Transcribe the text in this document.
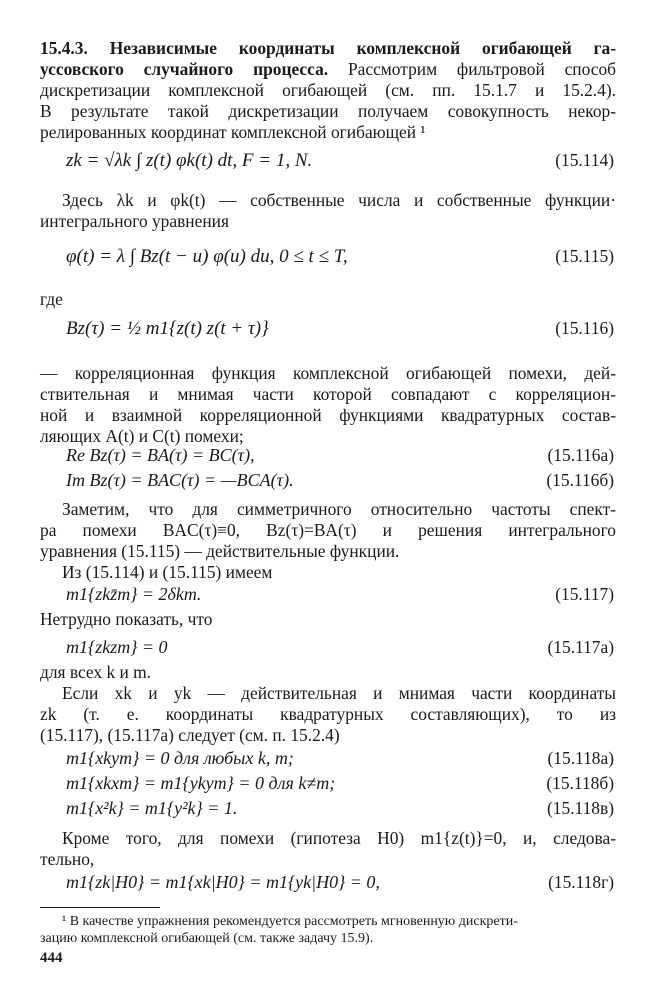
15.4.3. Независимые координаты комплексной огибающей га-
уссовского случайного процесса. Рассмотрим фильтровой способ
дискретизации комплексной огибающей (см. пп. 15.1.7 и 15.2.4).
В результате такой дискретизации получаем совокупность некор-
релированных координат комплексной огибающей ¹
zk = √λk ∫ z(t) φk(t) dt, F = 1, N.	(15.114)
Здесь λk и φk(t) — собственные числа и собственные функции·
интегрального уравнения
φ(t) = λ ∫ Bz(t − u) φ(u) du, 0 ≤ t ≤ T,	(15.115)
где
Bz(τ) = ½ m1{z(t) z(t + τ)}	(15.116)
— корреляционная функция комплексной огибающей помехи, дей-
ствительная и мнимая части которой совпадают с корреляцион-
ной и взаимной корреляционной функциями квадратурных состав-
ляющих A(t) и C(t) помехи;
Re Bz(τ) = BA(τ) = BC(τ),	(15.116а)
Im Bz(τ) = BAC(τ) = —BCA(τ).	(15.116б)
Заметим, что для симметричного относительно частоты спект-
ра помехи BAC(τ)≡0, Bz(τ)=BA(τ) и решения интегрального
уравнения (15.115) — действительные функции.
Из (15.114) и (15.115) имеем
m1{zkz̄m} = 2δkm.	(15.117)
Нетрудно показать, что
m1{zkzm} = 0	(15.117а)
для всех k и m.
Если xk и yk — действительная и мнимая части координаты
zk (т. е. координаты квадратурных составляющих), то из
(15.117), (15.117а) следует (см. п. 15.2.4)
m1{xkym} = 0 для любых k, m;	(15.118а)
m1{xkxm} = m1{ykym} = 0 для k≠m;	(15.118б)
m1{x²k} = m1{y²k} = 1.	(15.118в)
Кроме того, для помехи (гипотеза H0) m1{z(t)}=0, и, следова-
тельно,
m1{zk|H0} = m1{xk|H0} = m1{yk|H0} = 0,	(15.118г)
¹ В качестве упражнения рекомендуется рассмотреть мгновенную дискрети-
зацию комплексной огибающей (см. также задачу 15.9).
444
